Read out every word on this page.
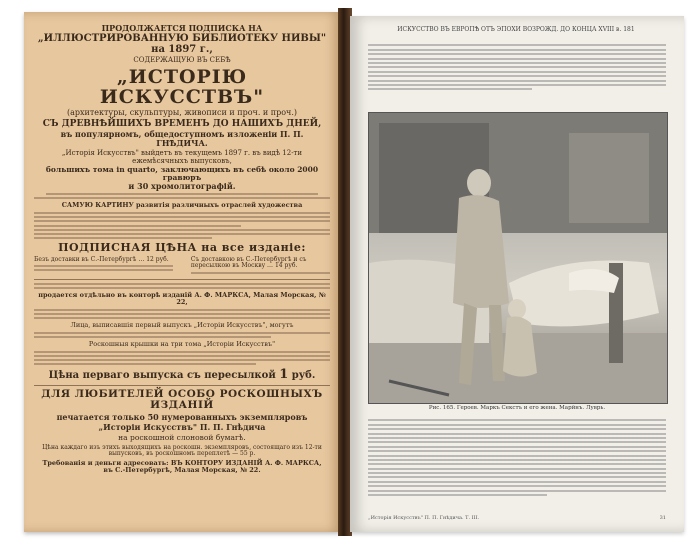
ПРОДОЛЖАЕТСЯ ПОДПИСКА НА

„ИЛЛЮСТРИРОВАННУЮ БИБЛИОТЕКУ НИВЫ" на 1897 г.,

СОДЕРЖАЩУЮ ВЪ СЕБѢ

„ИСТОРІЮ ИСКУССТВЪ"

(архитектуры, скульптуры, живописи и проч. и проч.)

СЪ ДРЕВНѢЙШИХЪ ВРЕМЕНЪ ДО НАШИХЪ ДНЕЙ,

въ популярномъ, общедоступномъ изложеніи П. П. ГНѢДИЧА.

„Исторія Искусствъ" выйдетъ въ текущемъ 1897 г. въ видѣ 12-ти ежемѣсячныхъ выпусковъ,

большихъ тома in quarto, заключающихъ въ себѣ около 2000 гравюръ

и 30 хромолитографій.

САМУЮ КАРТИНУ развитія различныхъ отраслей художества

ПОДПИСНАЯ ЦѢНА на все изданіе:

Безъ доставки въ С.-Петербургѣ … 12 руб.	Съ доставкою въ С.-Петербургѣ и съ пересылкою въ Москву … 14 руб.

продается отдѣльно въ конторѣ изданій А. Ф. МАРКСА, Малая Морская, № 22,

Лица, выписавшія первый выпускъ „Исторіи Искусствъ", могутъ

Роскошныя крышки на три тома „Исторіи Искусствъ"

Цѣна перваго выпуска съ пересылкой 1 руб.

ДЛЯ ЛЮБИТЕЛЕЙ ОСОБО РОСКОШНЫХЪ ИЗДАНІЙ

печатается только 50 нумерованныхъ экземпляровъ

„Исторіи Искусствъ" П. П. Гнѣдича

на роскошной слоновой бумагѣ.

Цѣна каждаго изъ этихъ выходящихъ на роскошн. экземпляровъ, состоящаго изъ 12-ти выпусковъ, въ роскошномъ переплетѣ — 55 р.

Требованія и деньги адресовать: ВЪ КОНТОРУ ИЗДАНІЙ А. Ф. МАРКСА,

въ С.-Петербургѣ, Малая Морская, № 22.

ИСКУССТВО ВЪ ЕВРОПѢ ОТЪ ЭПОХИ ВОЗРОЖД. ДО КОНЦА XVIII в. 181
Рис. 165. Героев. Маркъ Секстъ и его жена. Марйнъ. Луврь.
„Исторія Искусствъ" П. П. Гнѣдича. Т. III.	31
